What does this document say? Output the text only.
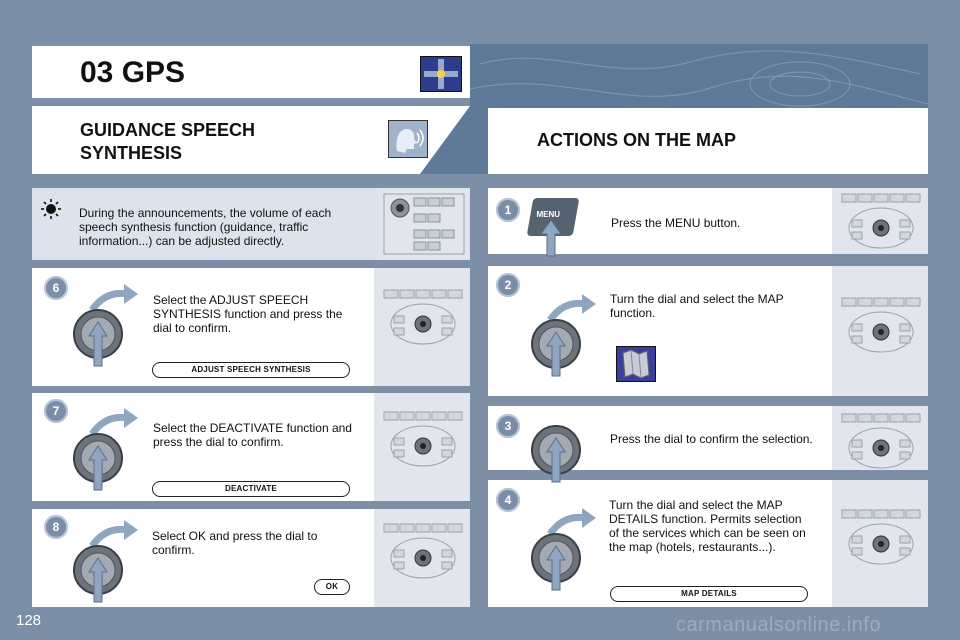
03 GPS
GUIDANCE SPEECH
SYNTHESIS
ACTIONS ON THE MAP
During the announcements, the volume of each speech synthesis function (guidance, traffic information...) can be adjusted directly.
6
Select the ADJUST SPEECH SYNTHESIS function and press the dial to confirm.
ADJUST SPEECH SYNTHESIS
7
Select the DEACTIVATE function and press the dial to confirm.
DEACTIVATE
8
Select OK and press the dial to confirm.
OK
1
Press the MENU button.
2
Turn the dial and select the MAP function.
3
Press the dial to confirm the selection.
4	Turn the dial and select the MAP DETAILS function. Permits selection of the services which can be seen on the map (hotels, restaurants...).
MAP DETAILS
MENU
128	carmanualsonline.info
